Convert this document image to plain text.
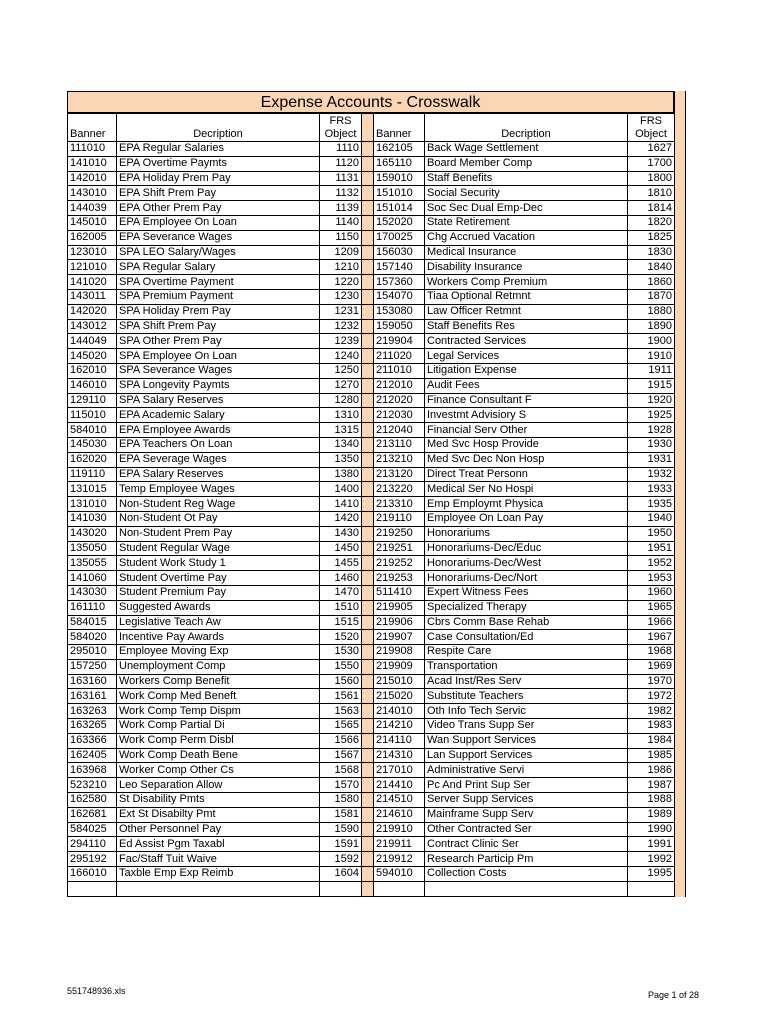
Expense Accounts - Crosswalk
Banner	Decription	FRS
Object		Banner	Decription	FRS
Object
111010	EPA Regular Salaries	1110		162105	Back Wage Settlement	1627
141010	EPA Overtime Paymts	1120		165110	Board Member Comp	1700
142010	EPA Holiday Prem Pay	1131		159010	Staff Benefits	1800
143010	EPA Shift Prem Pay	1132		151010	Social Security	1810
144039	EPA Other Prem Pay	1139		151014	Soc Sec Dual Emp-Dec	1814
145010	EPA Employee On Loan	1140		152020	State Retirement	1820
162005	EPA Severance Wages	1150		170025	Chg Accrued Vacation	1825
123010	SPA LEO Salary/Wages	1209		156030	Medical Insurance	1830
121010	SPA Regular Salary	1210		157140	Disability Insurance	1840
141020	SPA Overtime Payment	1220		157360	Workers Comp Premium	1860
143011	SPA Premium Payment	1230		154070	Tiaa Optional Retmnt	1870
142020	SPA Holiday Prem Pay	1231		153080	Law Officer Retmnt	1880
143012	SPA Shift Prem Pay	1232		159050	Staff Benefits Res	1890
144049	SPA Other Prem Pay	1239		219904	Contracted Services	1900
145020	SPA Employee On Loan	1240		211020	Legal Services	1910
162010	SPA Severance Wages	1250		211010	Litigation Expense	1911
146010	SPA Longevity Paymts	1270		212010	Audit Fees	1915
129110	SPA Salary Reserves	1280		212020	Finance Consultant F	1920
115010	EPA Academic Salary	1310		212030	Investmt Advisiory S	1925
584010	EPA Employee Awards	1315		212040	Financial Serv Other	1928
145030	EPA Teachers On Loan	1340		213110	Med Svc Hosp Provide	1930
162020	EPA Severage Wages	1350		213210	Med Svc Dec Non Hosp	1931
119110	EPA Salary Reserves	1380		213120	Direct Treat Personn	1932
131015	Temp Employee Wages	1400		213220	Medical Ser No Hospi	1933
131010	Non-Student Reg Wage	1410		213310	Emp Employmt Physica	1935
141030	Non-Student Ot Pay	1420		219110	Employee On Loan Pay	1940
143020	Non-Student Prem Pay	1430		219250	Honorariums	1950
135050	Student Regular Wage	1450		219251	Honorariums-Dec/Educ	1951
135055	Student Work Study 1	1455		219252	Honorariums-Dec/West	1952
141060	Student Overtime Pay	1460		219253	Honorariums-Dec/Nort	1953
143030	Student Premium Pay	1470		511410	Expert Witness Fees	1960
161110	Suggested Awards	1510		219905	Specialized Therapy	1965
584015	Legislative Teach Aw	1515		219906	Cbrs Comm Base Rehab	1966
584020	Incentive Pay Awards	1520		219907	Case Consultation/Ed	1967
295010	Employee Moving Exp	1530		219908	Respite Care	1968
157250	Unemployment Comp	1550		219909	Transportation	1969
163160	Workers Comp Benefit	1560		215010	Acad Inst/Res Serv	1970
163161	Work Comp Med Beneft	1561		215020	Substitute Teachers	1972
163263	Work Comp Temp Dispm	1563		214010	Oth Info Tech Servic	1982
163265	Work Comp Partial Di	1565		214210	Video Trans Supp Ser	1983
163366	Work Comp Perm Disbl	1566		214110	Wan Support Services	1984
162405	Work Comp Death Bene	1567		214310	Lan Support Services	1985
163968	Worker Comp Other Cs	1568		217010	Administrative Servi	1986
523210	Leo Separation Allow	1570		214410	Pc And Print Sup Ser	1987
162580	St Disability Pmts	1580		214510	Server Supp Services	1988
162681	Ext St Disabilty Pmt	1581		214610	Mainframe Supp Serv	1989
584025	Other Personnel Pay	1590		219910	Other Contracted Ser	1990
294110	Ed Assist Pgm Taxabl	1591		219911	Contract Clinic Ser	1991
295192	Fac/Staff Tuit Waive	1592		219912	Research Particip Pm	1992
166010	Taxble Emp Exp Reimb	1604		594010	Collection Costs	1995

551748936.xls	Page 1 of 28
